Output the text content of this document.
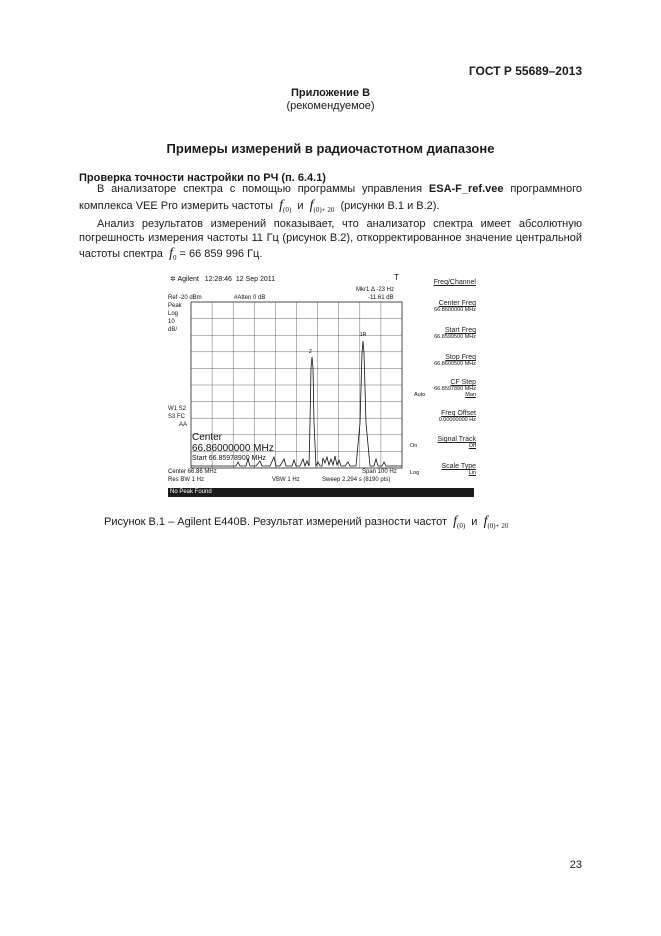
ГОСТ Р 55689–2013
Приложение В
(рекомендуемое)
Примеры измерений в радиочастотном диапазоне
Проверка точности настройки по РЧ (п. 6.4.1)
В анализаторе спектра с помощью программы управления ESA-F_ref.vee программного
комплекса VEE Pro измерить частоты $f_{(0)}$ и $f_{(0)+ 20}$ (рисунки В.1 и В.2).
Анализ результатов измерений показывает, что анализатор спектра имеет абсолютную
погрешность измерения частоты 11 Гц (рисунок В.2), откорректированное значение центральной
частоты спектра $f_0 = 66$ 859 996 Гц.
✲ Agilent 12:28:46 12 Sep 2011	T
Ref -20 dBm	#Atten 0 dB
Mkr1 Δ -23 Hz
-11.61 dB
Peak
Log
10
dB/
W1 S2
S3 FC
AA
2
1R
Center
66.86000000 MHz
Start 66.85978900 MHz
Center 66.86 MHz	Span 100 Hz
Res BW 1 Hz	VBW 1 Hz	Sweep 2.294 s (8190 pts)
No Peak Found
Freq/Channel
Center Freq
66.8600000 MHz
Start Freq
66.8599500 MHz
Stop Freq
66.8600500 MHz
CF Step
66.8597890 MHz
Auto	Man
Freq Offset
0.00000000 Hz
Signal Track
On	Off
Scale Type
Log	Lin
Рисунок В.1 – Agilent E440B. Результат измерений разности частот $f_{(0)}$ и $f_{(0)+ 20}$
23
